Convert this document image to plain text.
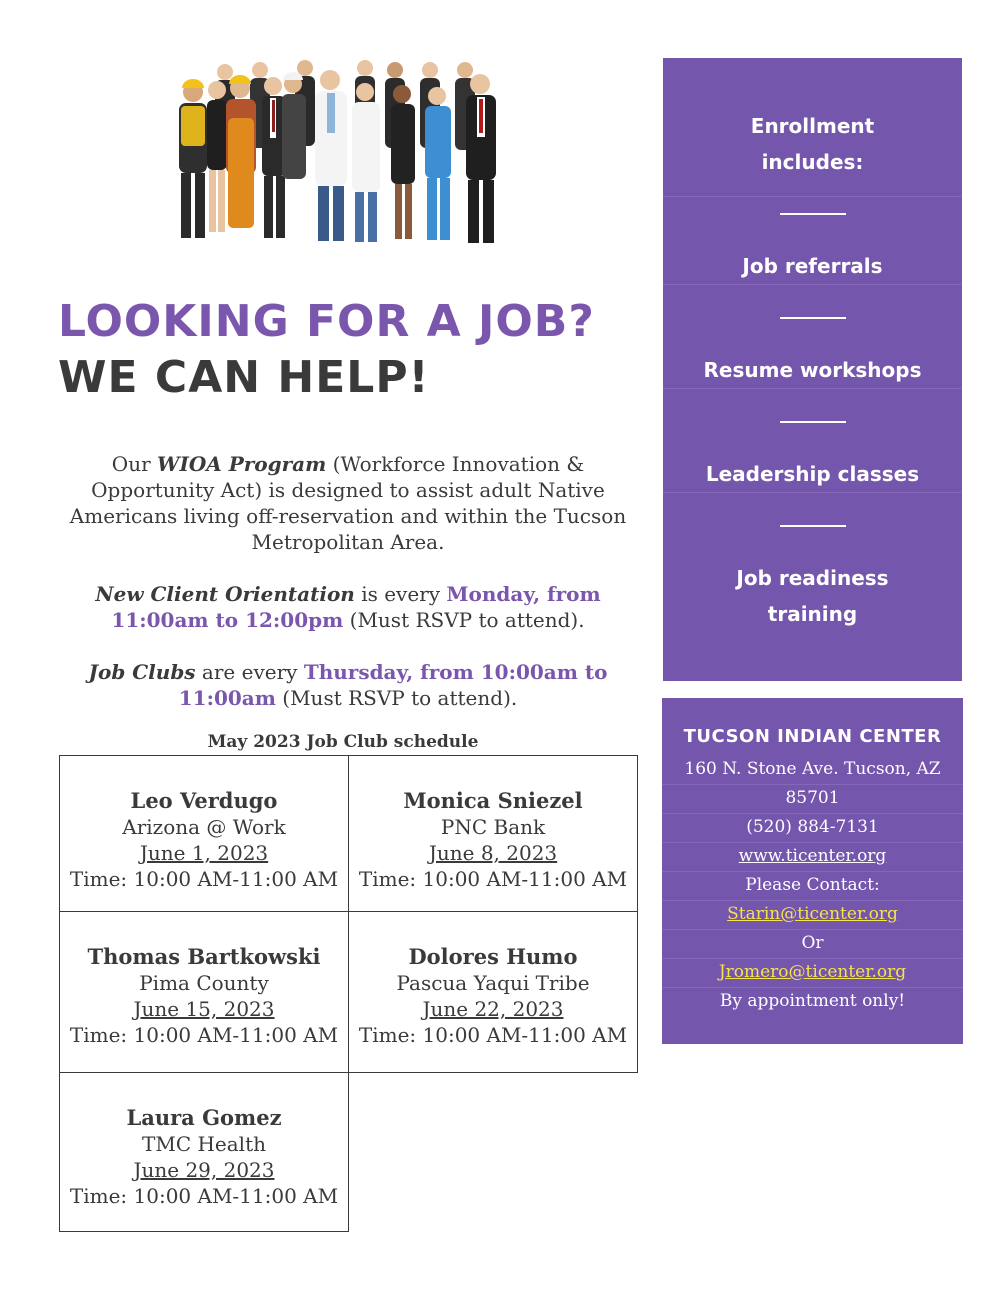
LOOKING FOR A JOB?
WE CAN HELP!

Our WIOA Program (Workforce Innovation & Opportunity Act) is designed to assist adult Native Americans living off-reservation and within the Tucson Metropolitan Area.

New Client Orientation is every Monday, from 11:00am to 12:00pm (Must RSVP to attend).

Job Clubs are every Thursday, from 10:00am to 11:00am (Must RSVP to attend).

May 2023 Job Club schedule

Leo Verdugo
Arizona @ Work
June 1, 2023
Time: 10:00 AM-11:00 AM
Monica Sniezel
PNC Bank
June 8, 2023
Time: 10:00 AM-11:00 AM
Thomas Bartkowski
Pima County
June 15, 2023
Time: 10:00 AM-11:00 AM
Dolores Humo
Pascua Yaqui Tribe
June 22, 2023
Time: 10:00 AM-11:00 AM
Laura Gomez
TMC Health
June 29, 2023
Time: 10:00 AM-11:00 AM
Enrollment
includes:
Job referrals
Resume workshops
Leadership classes
Job readiness
training
TUCSON INDIAN CENTER
160 N. Stone Ave. Tucson, AZ
85701
(520) 884-7131
www.ticenter.org
Please Contact:
Starin@ticenter.org
Or
Jromero@ticenter.org
By appointment only!
